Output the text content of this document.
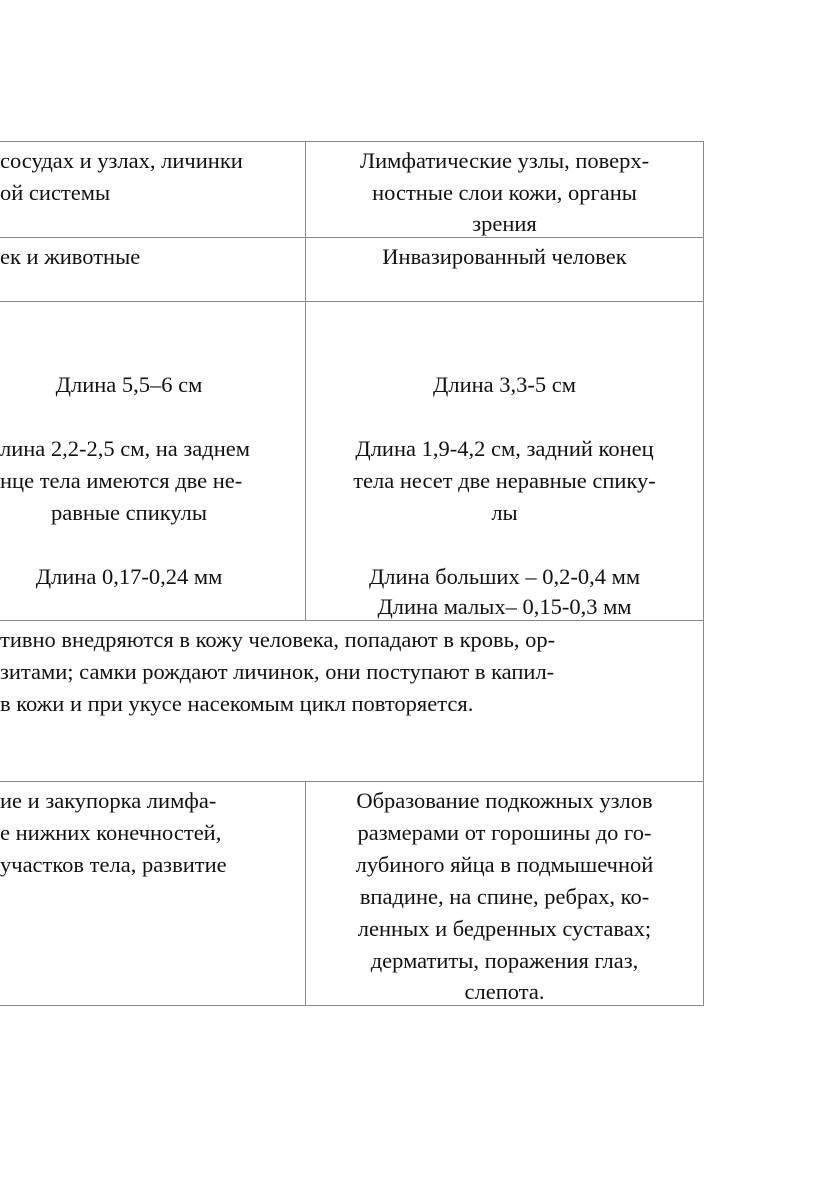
сосудах и узлах, личинки

ой системы

Лимфатические узлы, поверх-

ностные слои кожи, органы

зрения

ек и животные	Инвазированный человек

Длина 5,5–6 см

лина 2,2-2,5 см, на заднем

нце тела имеются две не-

равные спикулы

Длина 0,17-0,24 мм

Длина 3,3-5 см

Длина 1,9-4,2 см, задний конец

тела несет две неравные спику-

лы

Длина больших – 0,2-0,4 мм

Длина малых– 0,15-0,3 мм

тивно внедряются в кожу человека, попадают в кровь, ор-

зитами; самки рождают личинок, они поступают в капил-

в кожи и при укусе насекомым цикл повторяется.

ие и закупорка лимфа-

е нижних конечностей,

участков тела, развитие

Образование подкожных узлов

размерами от горошины до го-

лубиного яйца в подмышечной

впадине, на спине, ребрах, ко-

ленных и бедренных суставах;

дерматиты, поражения глаз,

слепота.
